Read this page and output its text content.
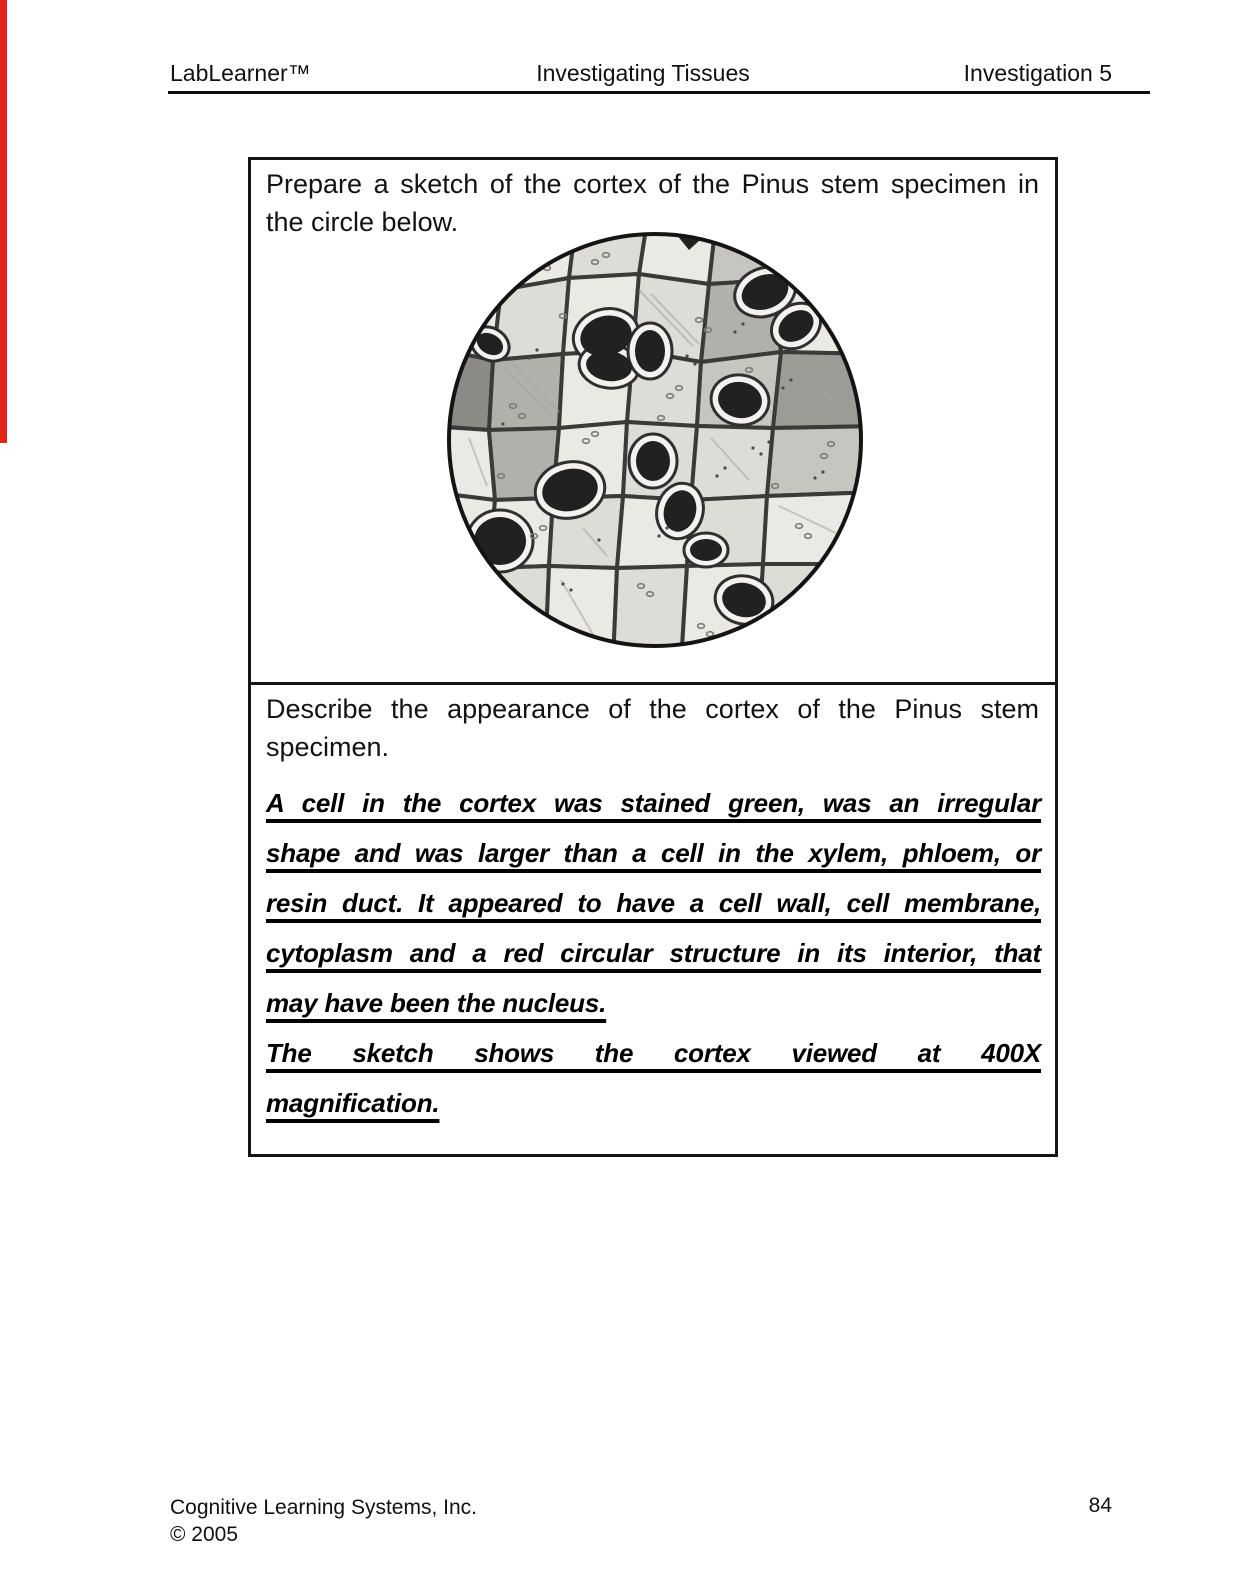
LabLearner™	Investigating Tissues	Investigation 5
Prepare a sketch of the cortex of the Pinus stem specimen in
the circle below.
Describe the appearance of the cortex of the Pinus stem
specimen.
A cell in the cortex was stained green, was an irregular
shape and was larger than a cell in the xylem, phloem, or
resin duct. It appeared to have a cell wall, cell membrane,
cytoplasm and a red circular structure in its interior, that
may have been the nucleus.
The sketch shows the cortex viewed at 400X
magnification.
Cognitive Learning Systems, Inc.
© 2005
84
